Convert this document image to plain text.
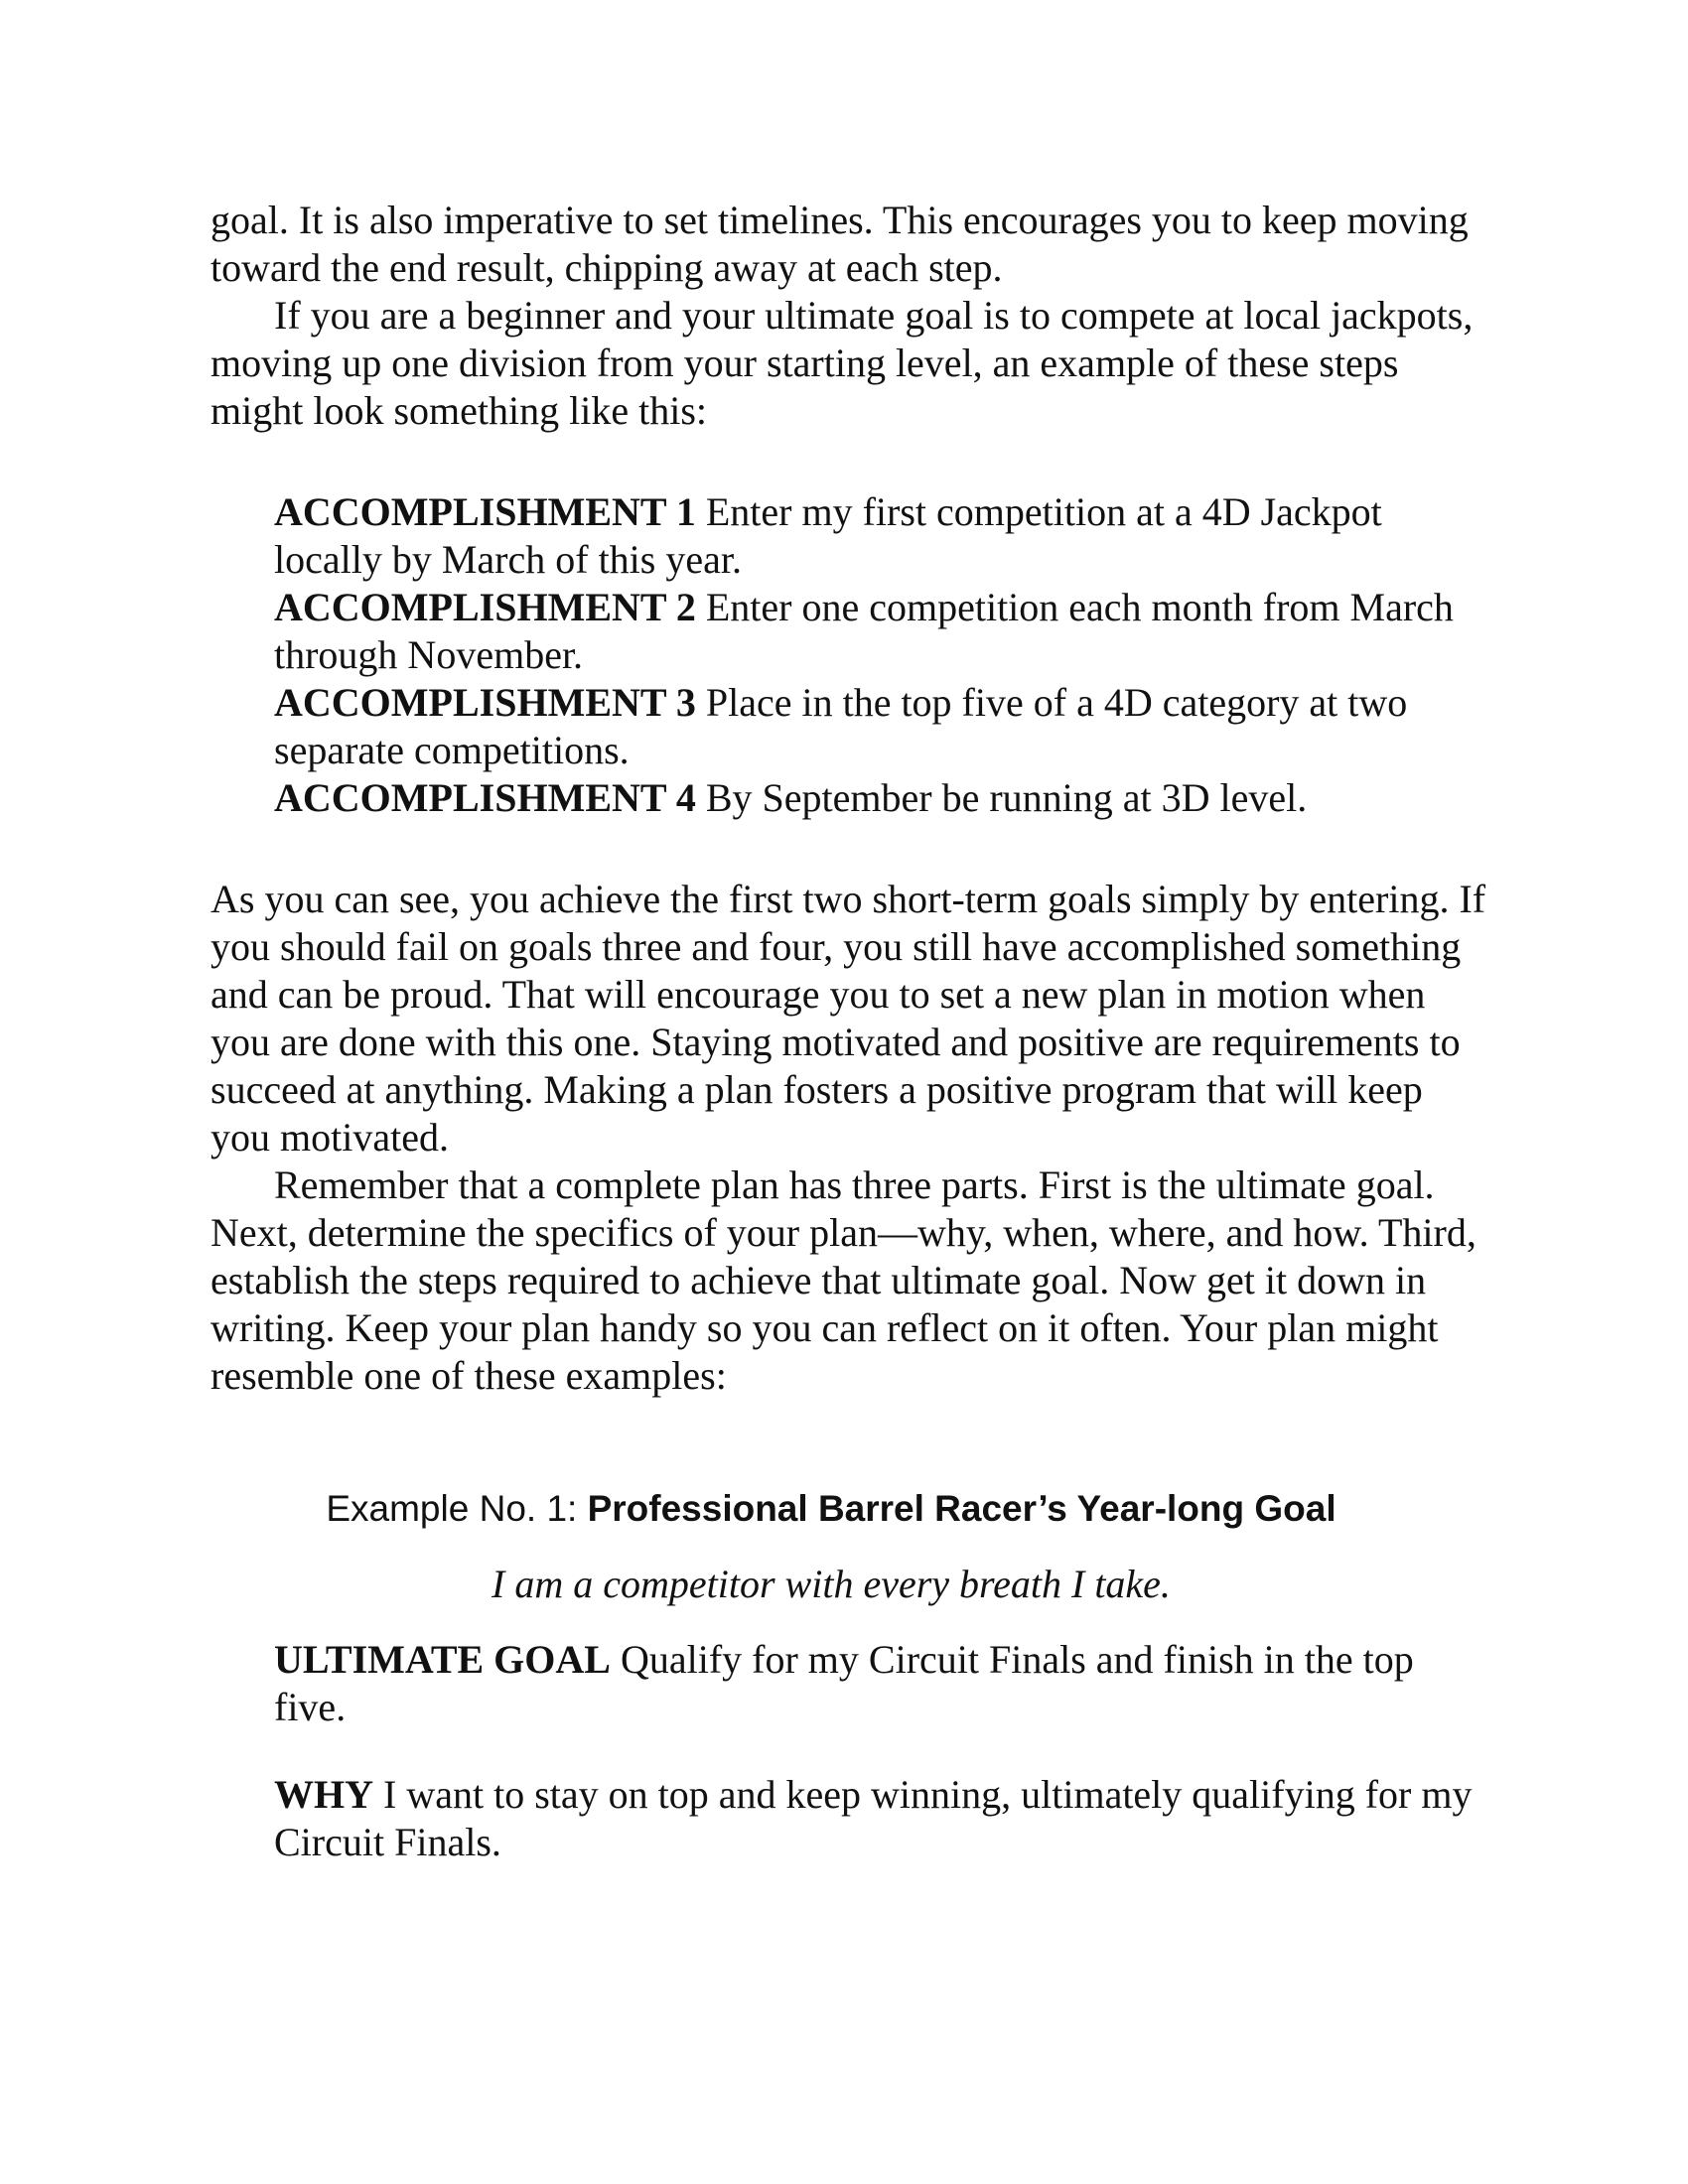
goal. It is also imperative to set timelines. This encourages you to keep moving toward the end result, chipping away at each step.

If you are a beginner and your ultimate goal is to compete at local jackpots, moving up one division from your starting level, an example of these steps might look something like this:

ACCOMPLISHMENT 1 Enter my first competition at a 4D Jackpot locally by March of this year.

ACCOMPLISHMENT 2 Enter one competition each month from March through November.

ACCOMPLISHMENT 3 Place in the top five of a 4D category at two separate competitions.

ACCOMPLISHMENT 4 By September be running at 3D level.

As you can see, you achieve the first two short-term goals simply by entering. If you should fail on goals three and four, you still have accomplished something and can be proud. That will encourage you to set a new plan in motion when you are done with this one. Staying motivated and positive are requirements to succeed at anything. Making a plan fosters a positive program that will keep you motivated.

Remember that a complete plan has three parts. First is the ultimate goal. Next, determine the specifics of your plan—why, when, where, and how. Third, establish the steps required to achieve that ultimate goal. Now get it down in writing. Keep your plan handy so you can reflect on it often. Your plan might resemble one of these examples:

Example No. 1: Professional Barrel Racer’s Year-long Goal

I am a competitor with every breath I take.

ULTIMATE GOAL Qualify for my Circuit Finals and finish in the top five.

WHY I want to stay on top and keep winning, ultimately qualifying for my Circuit Finals.
